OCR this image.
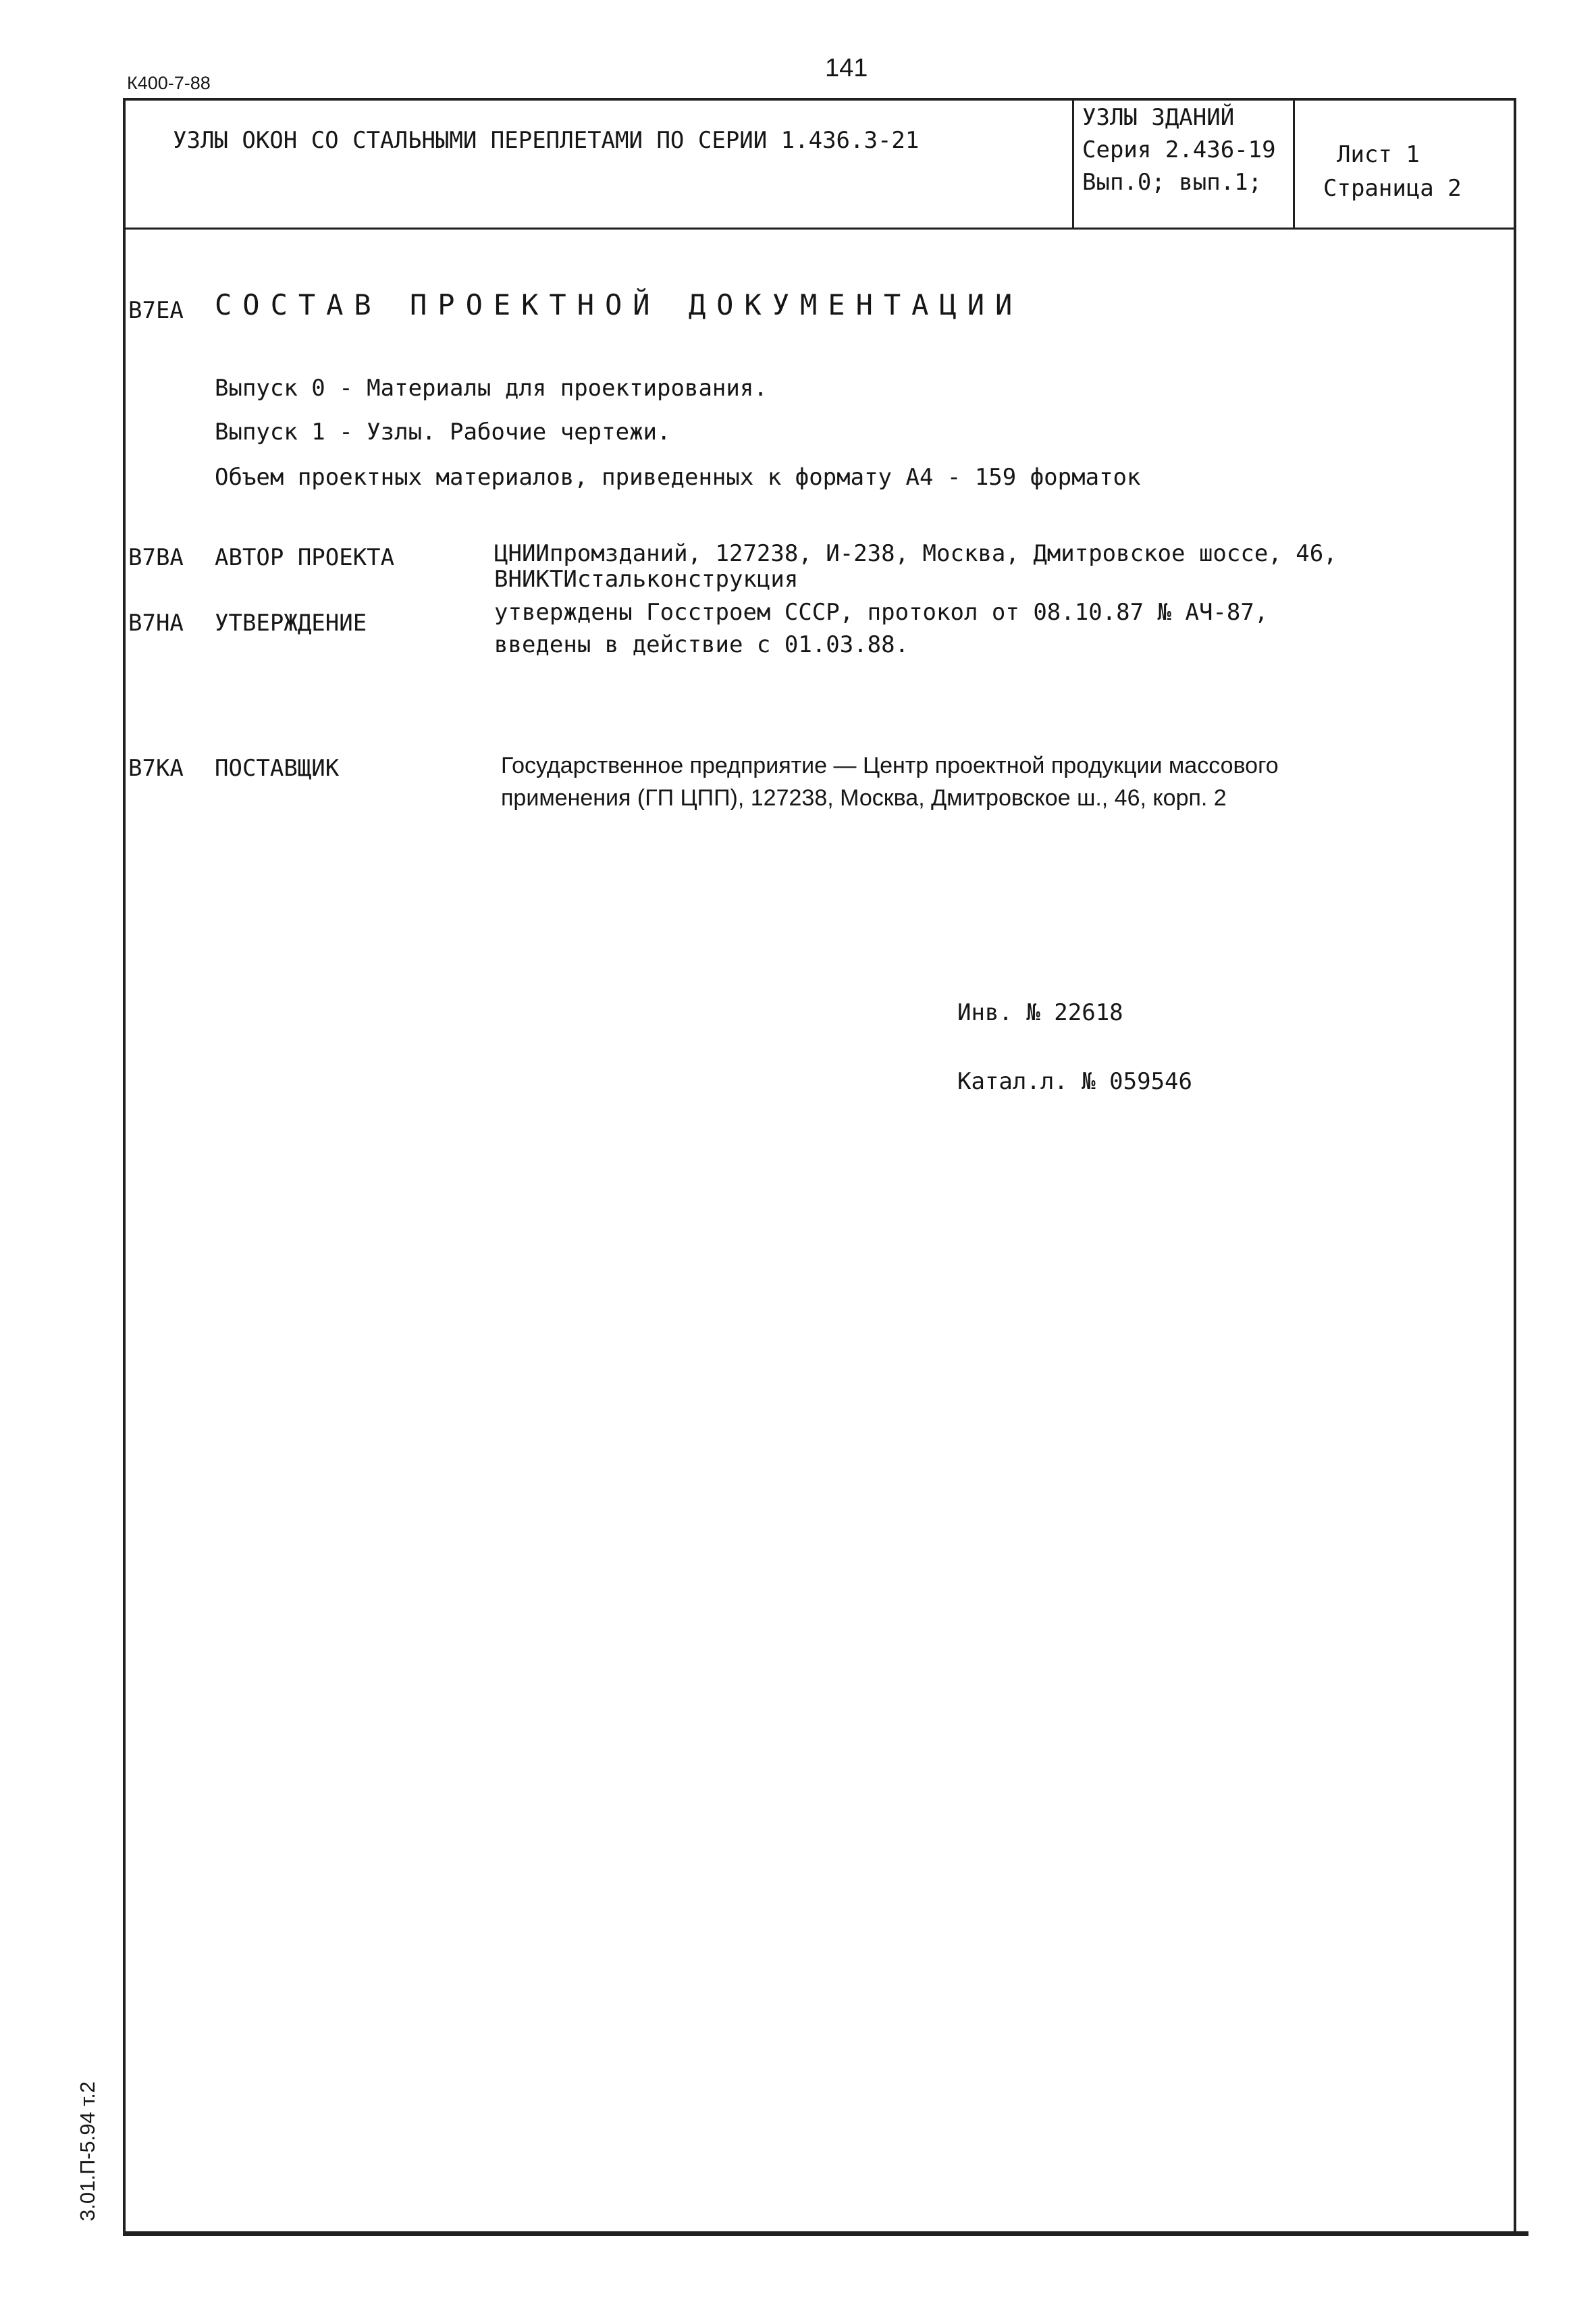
К400-7-88
141
УЗЛЫ ОКОН СО СТАЛЬНЫМИ ПЕРЕПЛЕТАМИ ПО СЕРИИ 1.436.3-21
УЗЛЫ ЗДАНИЙ
Серия 2.436-19
Вып.0; вып.1;
Лист 1
Страница 2
В7ЕА СОСТАВ ПРОЕКТНОЙ ДОКУМЕНТАЦИИ
Выпуск 0 - Материалы для проектирования.
Выпуск 1 - Узлы. Рабочие чертежи.
Объем проектных материалов, приведенных к формату А4 - 159 форматок
В7ВА АВТОР ПРОЕКТА	ЦНИИпромзданий, 127238, И-238, Москва, Дмитровское шоссе, 46,
ВНИКТИстальконструкция
В7НА УТВЕРЖДЕНИЕ	утверждены Госстроем СССР, протокол от 08.10.87 № АЧ-87,
введены в действие с 01.03.88.
В7КА ПОСТАВЩИК	Государственное предприятие — Центр проектной продукции массового
применения (ГП ЦПП), 127238, Москва, Дмитровское ш., 46, корп. 2
Инв. № 22618
Катал.л. № 059546
3.01.П-5.94 т.2
